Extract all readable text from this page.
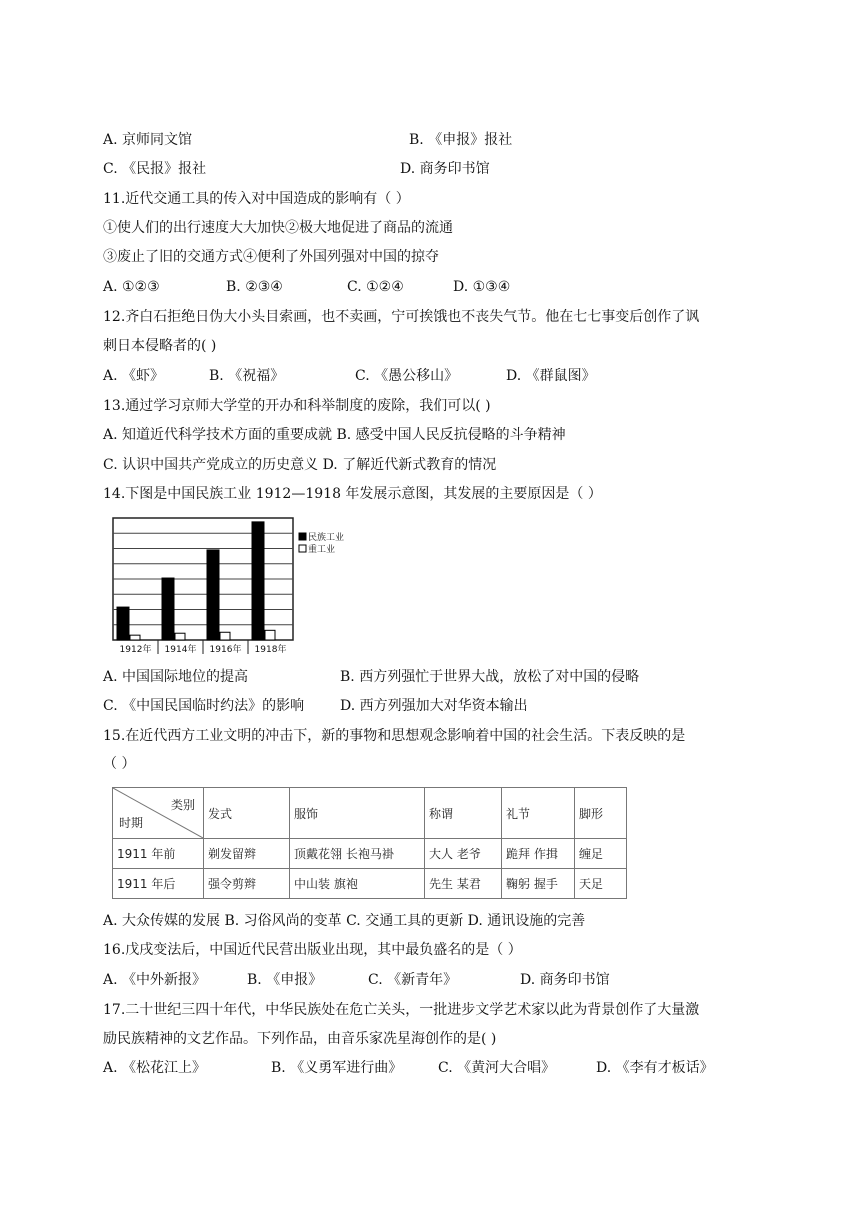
A. 京师同文馆	B. 《申报》报社
C. 《民报》报社	D. 商务印书馆
11.近代交通工具的传入对中国造成的影响有（ ）
①使人们的出行速度大大加快②极大地促进了商品的流通
③废止了旧的交通方式④便利了外国列强对中国的掠夺
A. ①②③	B. ②③④	C. ①②④	D. ①③④
12.齐白石拒绝日伪大小头目索画，也不卖画，宁可挨饿也不丧失气节。他在七七事变后创作了讽
刺日本侵略者的( )
A. 《虾》	B. 《祝福》	C. 《愚公移山》	D. 《群鼠图》
13.通过学习京师大学堂的开办和科举制度的废除，我们可以( )
A. 知道近代科学技术方面的重要成就 B. 感受中国人民反抗侵略的斗争精神
C. 认识中国共产党成立的历史意义 D. 了解近代新式教育的情况
14.下图是中国民族工业 1912—1918 年发展示意图，其发展的主要原因是（ ）
1912年 1914年 1916年 1918年
民族工业
重工业
A. 中国国际地位的提高	B. 西方列强忙于世界大战，放松了对中国的侵略
C. 《中国民国临时约法》的影响	D. 西方列强加大对华资本输出
15.在近代西方工业文明的冲击下，新的事物和思想观念影响着中国的社会生活。下表反映的是
（ ）
类别
时期	发式	服饰	称谓	礼节	脚形
1911 年前	剃发留辫	顶戴花翎 长袍马褂	大人 老爷	跪拜 作揖	缠足
1911 年后	强令剪辫	中山装 旗袍	先生 某君	鞠躬 握手	天足
A. 大众传媒的发展 B. 习俗风尚的变革 C. 交通工具的更新 D. 通讯设施的完善
16.戊戌变法后，中国近代民营出版业出现，其中最负盛名的是（ ）
A. 《中外新报》	B. 《申报》	C. 《新青年》	D. 商务印书馆
17.二十世纪三四十年代，中华民族处在危亡关头，一批进步文学艺术家以此为背景创作了大量激
励民族精神的文艺作品。下列作品，由音乐家冼星海创作的是( )
A. 《松花江上》	B. 《义勇军进行曲》	C. 《黄河大合唱》	D. 《李有才板话》
